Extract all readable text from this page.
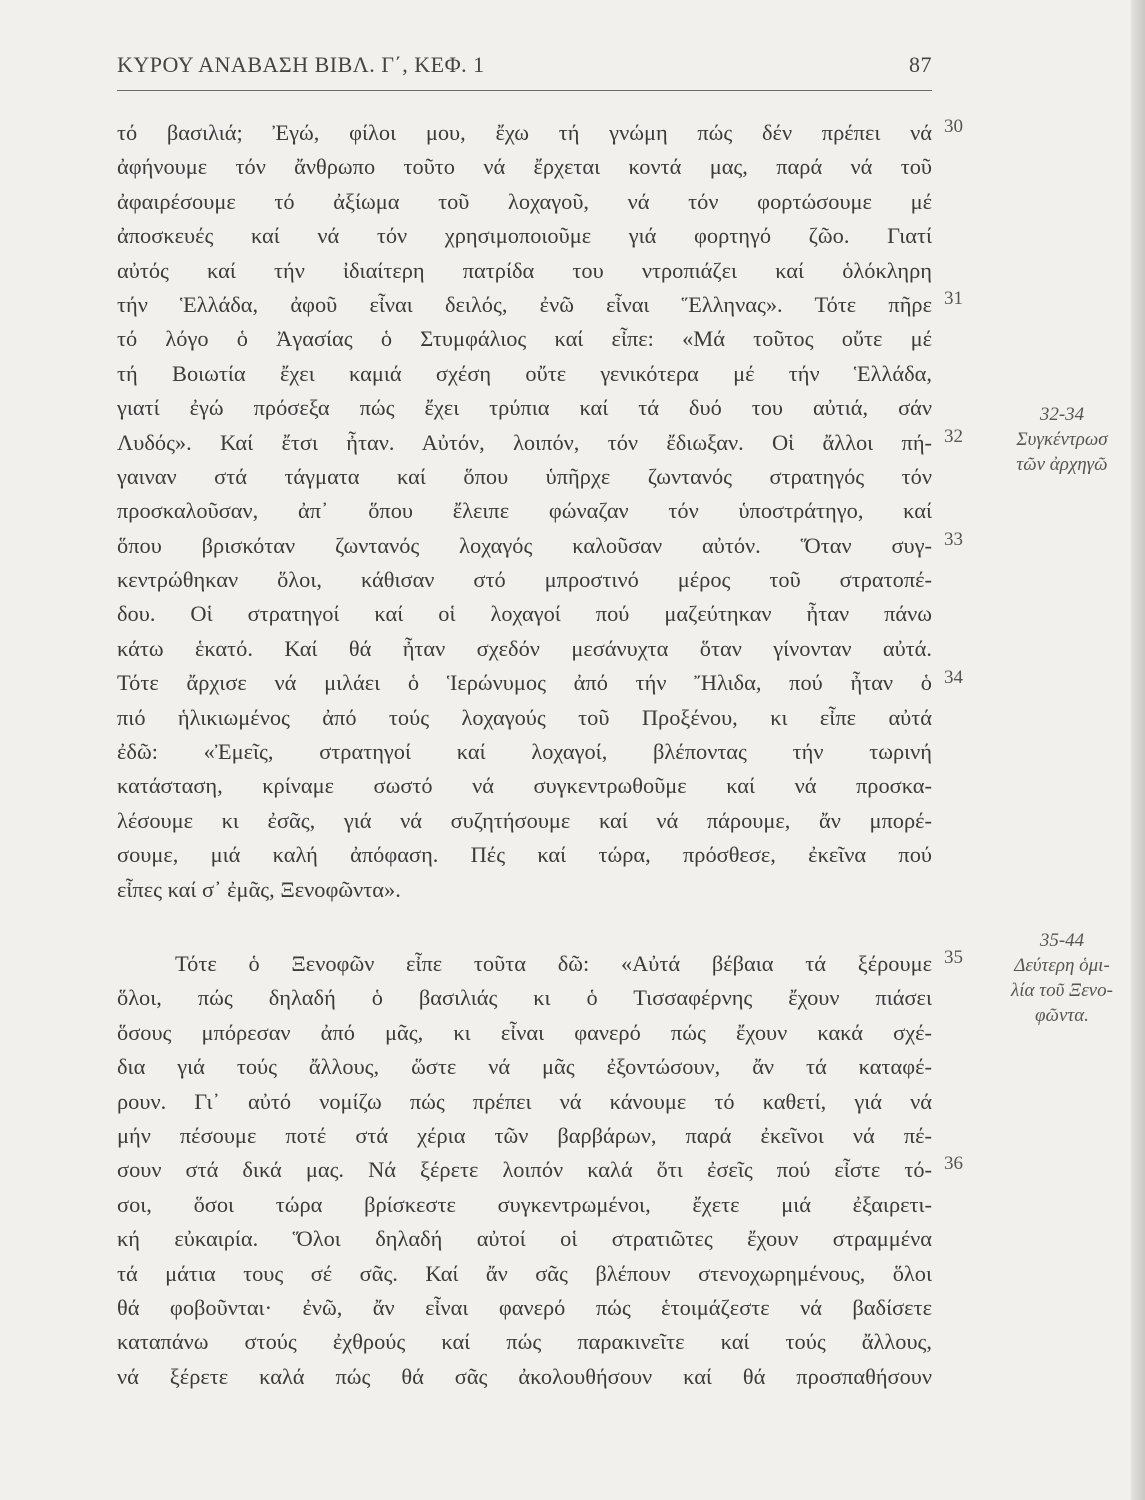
ΚΥΡΟΥ ΑΝΑΒΑΣΗ ΒΙΒΛ. Γ΄, ΚΕΦ. 1	87
τό βασιλιά; Ἐγώ, φίλοι μου, ἔχω τή γνώμη πώς δέν πρέπει νά
ἀφήνουμε τόν ἄνθρωπο τοῦτο νά ἔρχεται κοντά μας, παρά νά τοῦ
ἀφαιρέσουμε τό ἀξίωμα τοῦ λοχαγοῦ, νά τόν φορτώσουμε μέ
ἀποσκευές καί νά τόν χρησιμοποιοῦμε γιά φορτηγό ζῶο. Γιατί
αὐτός καί τήν ἰδιαίτερη πατρίδα του ντροπιάζει καί ὁλόκληρη
τήν Ἑλλάδα, ἀφοῦ εἶναι δειλός, ἐνῶ εἶναι Ἕλληνας». Τότε πῆρε
τό λόγο ὁ Ἀγασίας ὁ Στυμφάλιος καί εἶπε: «Μά τοῦτος οὔτε μέ
τή Βοιωτία ἔχει καμιά σχέση οὔτε γενικότερα μέ τήν Ἑλλάδα,
γιατί ἐγώ πρόσεξα πώς ἔχει τρύπια καί τά δυό του αὐτιά, σάν
Λυδός». Καί ἔτσι ἦταν. Αὐτόν, λοιπόν, τόν ἔδιωξαν. Οἱ ἄλλοι πή-
γαιναν στά τάγματα καί ὅπου ὑπῆρχε ζωντανός στρατηγός τόν
προσκαλοῦσαν, ἀπ᾽ ὅπου ἔλειπε φώναζαν τόν ὑποστράτηγο, καί
ὅπου βρισκόταν ζωντανός λοχαγός καλοῦσαν αὐτόν. Ὅταν συγ-
κεντρώθηκαν ὅλοι, κάθισαν στό μπροστινό μέρος τοῦ στρατοπέ-
δου. Οἱ στρατηγοί καί οἱ λοχαγοί πού μαζεύτηκαν ἦταν πάνω
κάτω ἑκατό. Καί θά ἦταν σχεδόν μεσάνυχτα ὅταν γίνονταν αὐτά.
Τότε ἄρχισε νά μιλάει ὁ Ἱερώνυμος ἀπό τήν Ἤλιδα, πού ἦταν ὁ
πιό ἡλικιωμένος ἀπό τούς λοχαγούς τοῦ Προξένου, κι εἶπε αὐτά
ἐδῶ: «Ἐμεῖς, στρατηγοί καί λοχαγοί, βλέποντας τήν τωρινή
κατάσταση, κρίναμε σωστό νά συγκεντρωθοῦμε καί νά προσκα-
λέσουμε κι ἐσᾶς, γιά νά συζητήσουμε καί νά πάρουμε, ἄν μπορέ-
σουμε, μιά καλή ἀπόφαση. Πές καί τώρα, πρόσθεσε, ἐκεῖνα πού
εἶπες καί σ᾽ ἐμᾶς, Ξενοφῶντα».
Τότε ὁ Ξενοφῶν εἶπε τοῦτα δῶ: «Αὐτά βέβαια τά ξέρουμε
ὅλοι, πώς δηλαδή ὁ βασιλιάς κι ὁ Τισσαφέρνης ἔχουν πιάσει
ὅσους μπόρεσαν ἀπό μᾶς, κι εἶναι φανερό πώς ἔχουν κακά σχέ-
δια γιά τούς ἄλλους, ὥστε νά μᾶς ἐξοντώσουν, ἄν τά καταφέ-
ρουν. Γι᾽ αὐτό νομίζω πώς πρέπει νά κάνουμε τό καθετί, γιά νά
μήν πέσουμε ποτέ στά χέρια τῶν βαρβάρων, παρά ἐκεῖνοι νά πέ-
σουν στά δικά μας. Νά ξέρετε λοιπόν καλά ὅτι ἐσεῖς πού εἶστε τό-
σοι, ὅσοι τώρα βρίσκεστε συγκεντρωμένοι, ἔχετε μιά ἐξαιρετι-
κή εὐκαιρία. Ὅλοι δηλαδή αὐτοί οἱ στρατιῶτες ἔχουν στραμμένα
τά μάτια τους σέ σᾶς. Καί ἄν σᾶς βλέπουν στενοχωρημένους, ὅλοι
θά φοβοῦνται· ἐνῶ, ἄν εἶναι φανερό πώς ἑτοιμάζεστε νά βαδίσετε
καταπάνω στούς ἐχθρούς καί πώς παρακινεῖτε καί τούς ἄλλους,
νά ξέρετε καλά πώς θά σᾶς ἀκολουθήσουν καί θά προσπαθήσουν
30
31
32
33
34
35
36
32-34
Συγκέντρωσ
τῶν ἀρχηγῶ
35-44
Δεύτερη ὁμι-
λία τοῦ Ξενο-
φῶντα.
